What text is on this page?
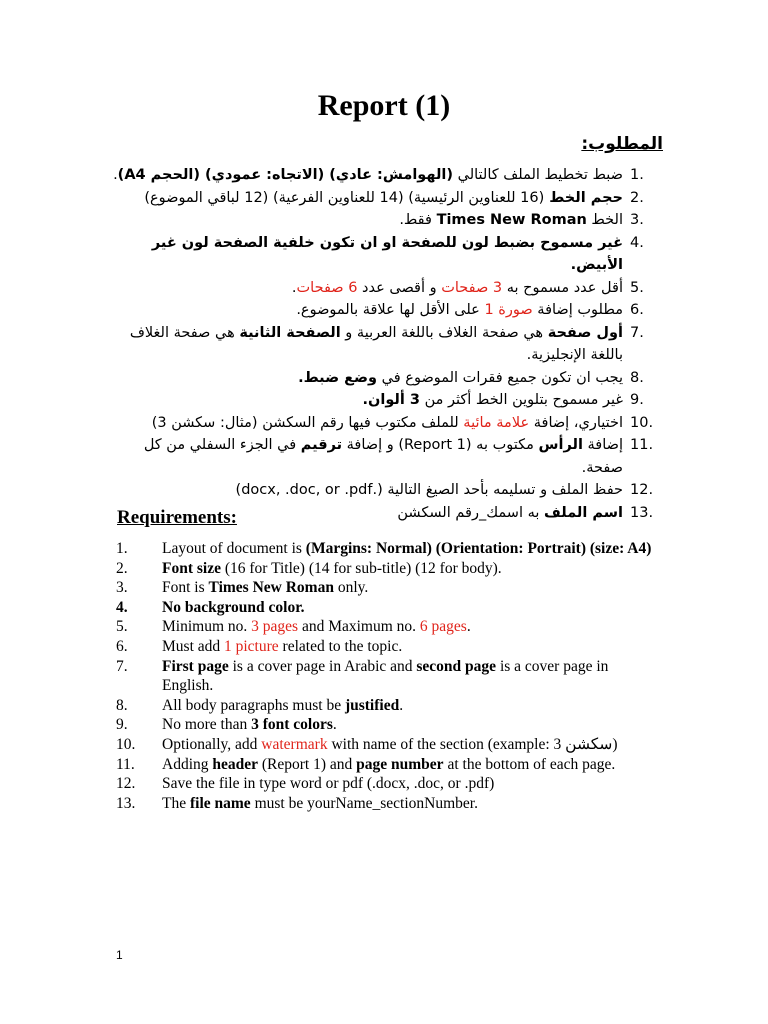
Report (1)
المطلوب:
1.
ضبط تخطيط الملف كالتالي (الهوامش: عادي) (الاتجاه: عمودي) (الحجم A4).
2.
حجم الخط (16 للعناوين الرئيسية) (14 للعناوين الفرعية) (12 لباقي الموضوع)
3.
الخط Times New Roman فقط.
4.
غير مسموح بضبط لون للصفحة او ان تكون خلفية الصفحة لون غير الأبيض.
5.
أقل عدد مسموح به 3 صفحات و أقصى عدد 6 صفحات.
6.
مطلوب إضافة صورة 1 على الأقل لها علاقة بالموضوع.
7.
أول صفحة هي صفحة الغلاف باللغة العربية و الصفحة الثانية هي صفحة الغلاف باللغة الإنجليزية.
8.
يجب ان تكون جميع فقرات الموضوع في وضع ضبط.
9.
غير مسموح بتلوين الخط أكثر من 3 ألوان.
10.
اختياري، إضافة علامة مائية للملف مكتوب فيها رقم السكشن (مثال: سكشن 3)
11.
إضافة الرأس مكتوب به (Report 1) و إضافة ترقيم في الجزء السفلي من كل صفحة.
12.
حفظ الملف و تسليمه بأحد الصيغ التالية (.docx, .doc, or .pdf)
13.
اسم الملف به اسمك_رقم السكشن
Requirements:
1. Layout of document is (Margins: Normal) (Orientation: Portrait) (size: A4)
2. Font size (16 for Title) (14 for sub-title) (12 for body).
3. Font is Times New Roman only.
4. No background color.
5. Minimum no. 3 pages and Maximum no. 6 pages.
6. Must add 1 picture related to the topic.
7. First page is a cover page in Arabic and second page is a cover page in English.
8. All body paragraphs must be justified.
9. No more than 3 font colors.
10. Optionally, add watermark with name of the section (example: 3 سكشن)
11. Adding header (Report 1) and page number at the bottom of each page.
12. Save the file in type word or pdf (.docx, .doc, or .pdf)
13. The file name must be yourName_sectionNumber.
1
